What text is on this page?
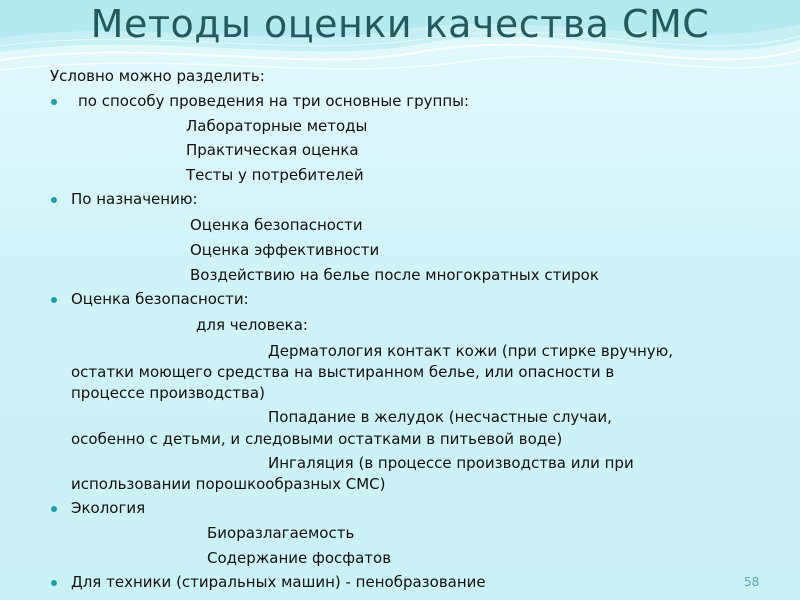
Методы оценки качества СМС
Условно можно разделить:
по способу проведения на три основные группы:
Лабораторные методы
Практическая оценка
Тесты у потребителей
По назначению:
Оценка безопасности
Оценка эффективности
Воздействию на белье после многократных стирок
Оценка безопасности:
для человека:
Дерматология контакт кожи (при стирке вручную,
остатки моющего средства на выстиранном белье, или опасности в
процессе производства)
Попадание в желудок (несчастные случаи,
особенно с детьми, и следовыми остатками в питьевой воде)
Ингаляция (в процессе производства или при
использовании порошкообразных СМС)
Экология
Биоразлагаемость
Содержание фосфатов
Для техники (стиральных машин) - пенобразование	58
